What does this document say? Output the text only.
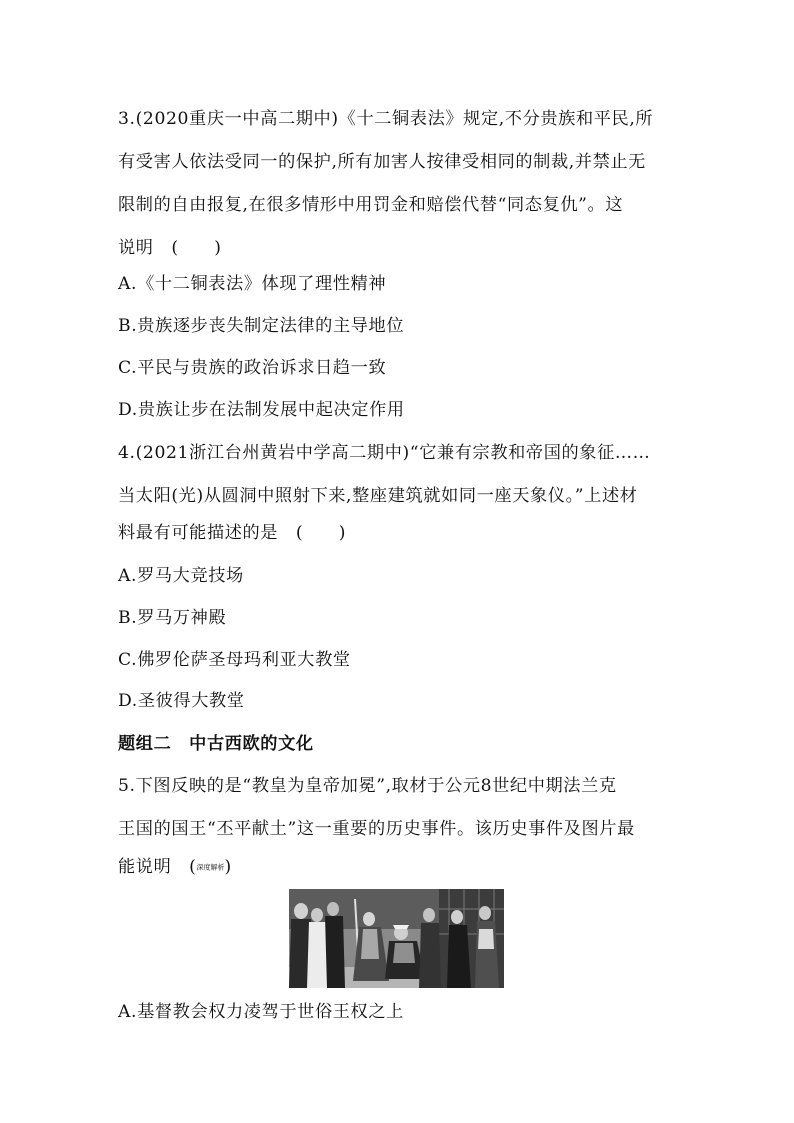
3.(2020重庆一中高二期中)《十二铜表法》规定,不分贵族和平民,所
有受害人依法受同一的保护,所有加害人按律受相同的制裁,并禁止无
限制的自由报复,在很多情形中用罚金和赔偿代替“同态复仇”。这
说明　(　　)
A.《十二铜表法》体现了理性精神
B.贵族逐步丧失制定法律的主导地位
C.平民与贵族的政治诉求日趋一致
D.贵族让步在法制发展中起决定作用
4.(2021浙江台州黄岩中学高二期中)“它兼有宗教和帝国的象征……
当太阳(光)从圆洞中照射下来,整座建筑就如同一座天象仪。”上述材
料最有可能描述的是　(　　)
A.罗马大竞技场
B.罗马万神殿
C.佛罗伦萨圣母玛利亚大教堂
D.圣彼得大教堂
题组二　中古西欧的文化
5.下图反映的是“教皇为皇帝加冕”,取材于公元8世纪中期法兰克
王国的国王“丕平献土”这一重要的历史事件。该历史事件及图片最
能说明　(深度解析)
A.基督教会权力凌驾于世俗王权之上
